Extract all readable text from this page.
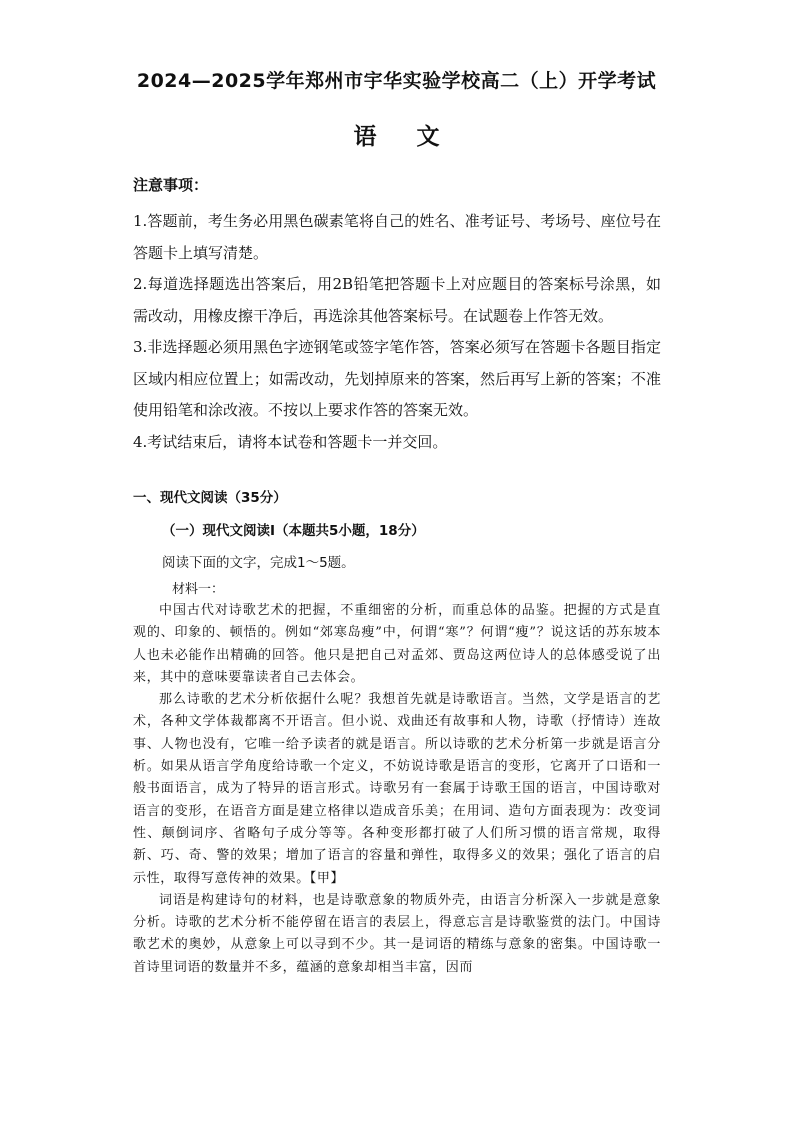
2024—2025学年郑州市宇华实验学校高二（上）开学考试
语文
注意事项：

1.答题前，考生务必用黑色碳素笔将自己的姓名、准考证号、考场号、座位号在答题卡上填写清楚。

2.每道选择题选出答案后，用2B铅笔把答题卡上对应题目的答案标号涂黑，如需改动，用橡皮擦干净后，再选涂其他答案标号。在试题卷上作答无效。

3.非选择题必须用黑色字迹钢笔或签字笔作答，答案必须写在答题卡各题目指定区域内相应位置上；如需改动，先划掉原来的答案，然后再写上新的答案；不准使用铅笔和涂改液。不按以上要求作答的答案无效。

4.考试结束后，请将本试卷和答题卡一并交回。

一、现代文阅读（35分）
（一）现代文阅读Ⅰ（本题共5小题，18分）
阅读下面的文字，完成1～5题。
材料一：

中国古代对诗歌艺术的把握，不重细密的分析，而重总体的品鉴。把握的方式是直观的、印象的、顿悟的。例如“郊寒岛瘦”中，何谓“寒”？何谓“瘦”？说这话的苏东坡本人也未必能作出精确的回答。他只是把自己对孟郊、贾岛这两位诗人的总体感受说了出来，其中的意味要靠读者自己去体会。

那么诗歌的艺术分析依据什么呢？我想首先就是诗歌语言。当然，文学是语言的艺术，各种文学体裁都离不开语言。但小说、戏曲还有故事和人物，诗歌（抒情诗）连故事、人物也没有，它唯一给予读者的就是语言。所以诗歌的艺术分析第一步就是语言分析。如果从语言学角度给诗歌一个定义，不妨说诗歌是语言的变形，它离开了口语和一般书面语言，成为了特异的语言形式。诗歌另有一套属于诗歌王国的语言，中国诗歌对语言的变形，在语音方面是建立格律以造成音乐美；在用词、造句方面表现为：改变词性、颠倒词序、省略句子成分等等。各种变形都打破了人们所习惯的语言常规，取得新、巧、奇、警的效果；增加了语言的容量和弹性，取得多义的效果；强化了语言的启示性，取得写意传神的效果。【甲】

词语是构建诗句的材料，也是诗歌意象的物质外壳，由语言分析深入一步就是意象分析。诗歌的艺术分析不能停留在语言的表层上，得意忘言是诗歌鉴赏的法门。中国诗歌艺术的奥妙，从意象上可以寻到不少。其一是词语的精练与意象的密集。中国诗歌一首诗里词语的数量并不多，蕴涵的意象却相当丰富，因而
